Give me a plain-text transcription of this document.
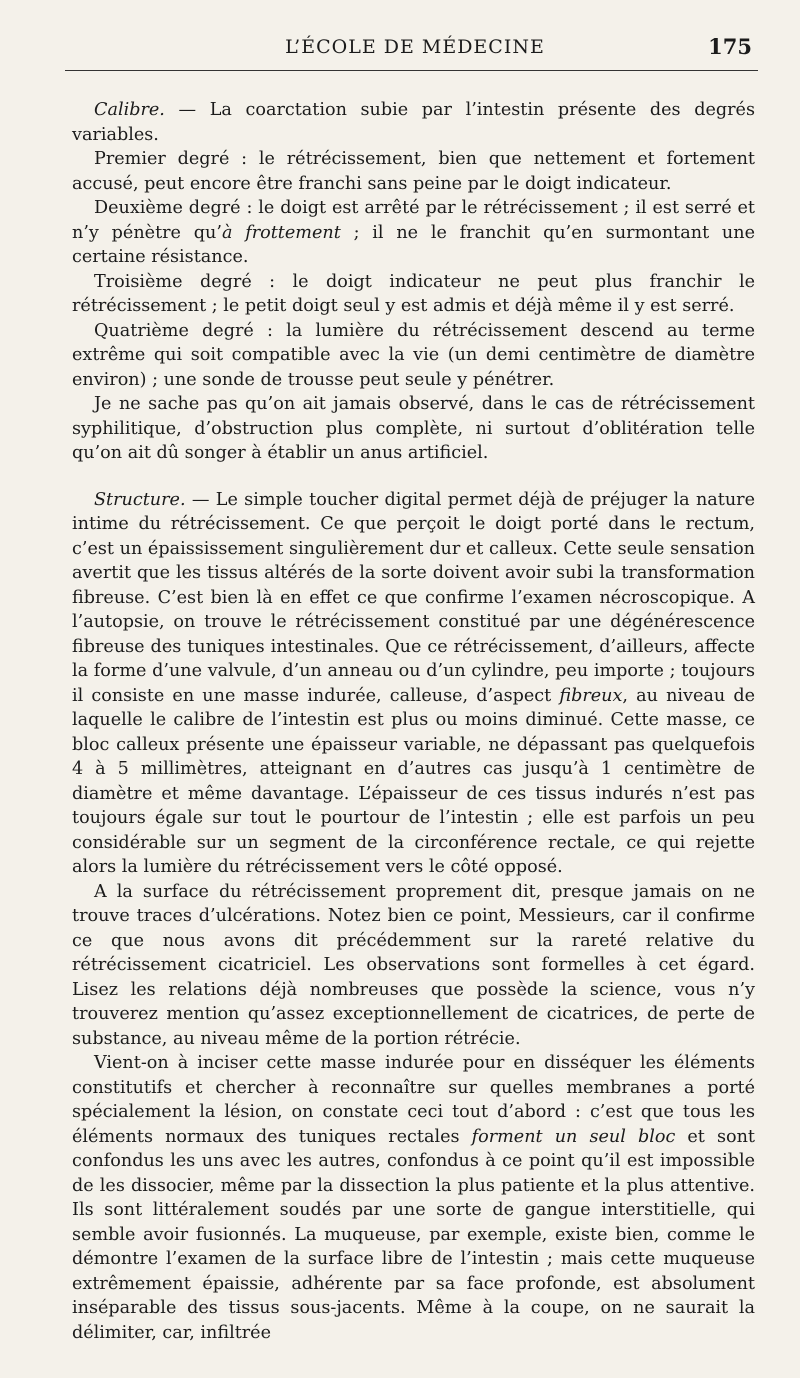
L’ÉCOLE DE MÉDECINE	175

Calibre. — La coarctation subie par l’intestin présente des degrés variables.

Premier degré : le rétrécissement, bien que nettement et fortement accusé, peut encore être franchi sans peine par le doigt indicateur.

Deuxième degré : le doigt est arrêté par le rétrécissement ; il est serré et n’y pénètre qu’à frottement ; il ne le franchit qu’en surmontant une certaine résistance.

Troisième degré : le doigt indicateur ne peut plus franchir le rétrécissement ; le petit doigt seul y est admis et déjà même il y est serré.

Quatrième degré : la lumière du rétrécissement descend au terme extrême qui soit compatible avec la vie (un demi centimètre de diamètre environ) ; une sonde de trousse peut seule y pénétrer.

Je ne sache pas qu’on ait jamais observé, dans le cas de rétrécissement syphilitique, d’obstruction plus complète, ni surtout d’oblitération telle qu’on ait dû songer à établir un anus artificiel.

Structure. — Le simple toucher digital permet déjà de préjuger la nature intime du rétrécissement. Ce que perçoit le doigt porté dans le rectum, c’est un épaississement singulièrement dur et calleux. Cette seule sensation avertit que les tissus altérés de la sorte doivent avoir subi la transformation fibreuse. C’est bien là en effet ce que confirme l’examen nécroscopique. A l’autopsie, on trouve le rétrécissement constitué par une dégénérescence fibreuse des tuniques intestinales. Que ce rétrécissement, d’ailleurs, affecte la forme d’une valvule, d’un anneau ou d’un cylindre, peu importe ; toujours il consiste en une masse indurée, calleuse, d’aspect fibreux, au niveau de laquelle le calibre de l’intestin est plus ou moins diminué. Cette masse, ce bloc calleux présente une épaisseur variable, ne dépassant pas quelquefois 4 à 5 millimètres, atteignant en d’autres cas jusqu’à 1 centimètre de diamètre et même davantage. L’épaisseur de ces tissus indurés n’est pas toujours égale sur tout le pourtour de l’intestin ; elle est parfois un peu considérable sur un segment de la circonférence rectale, ce qui rejette alors la lumière du rétrécissement vers le côté opposé.

A la surface du rétrécissement proprement dit, presque jamais on ne trouve traces d’ulcérations. Notez bien ce point, Messieurs, car il confirme ce que nous avons dit précédemment sur la rareté relative du rétrécissement cicatriciel. Les observations sont formelles à cet égard. Lisez les relations déjà nombreuses que possède la science, vous n’y trouverez mention qu’assez exceptionnellement de cicatrices, de perte de substance, au niveau même de la portion rétrécie.

Vient-on à inciser cette masse indurée pour en disséquer les éléments constitutifs et chercher à reconnaître sur quelles membranes a porté spécialement la lésion, on constate ceci tout d’abord : c’est que tous les éléments normaux des tuniques rectales forment un seul bloc et sont confondus les uns avec les autres, confondus à ce point qu’il est impossible de les dissocier, même par la dissection la plus patiente et la plus attentive. Ils sont littéralement soudés par une sorte de gangue interstitielle, qui semble avoir fusionnés. La muqueuse, par exemple, existe bien, comme le démontre l’examen de la surface libre de l’intestin ; mais cette muqueuse extrêmement épaissie, adhérente par sa face profonde, est absolument inséparable des tissus sous-jacents. Même à la coupe, on ne saurait la délimiter, car, infiltrée
